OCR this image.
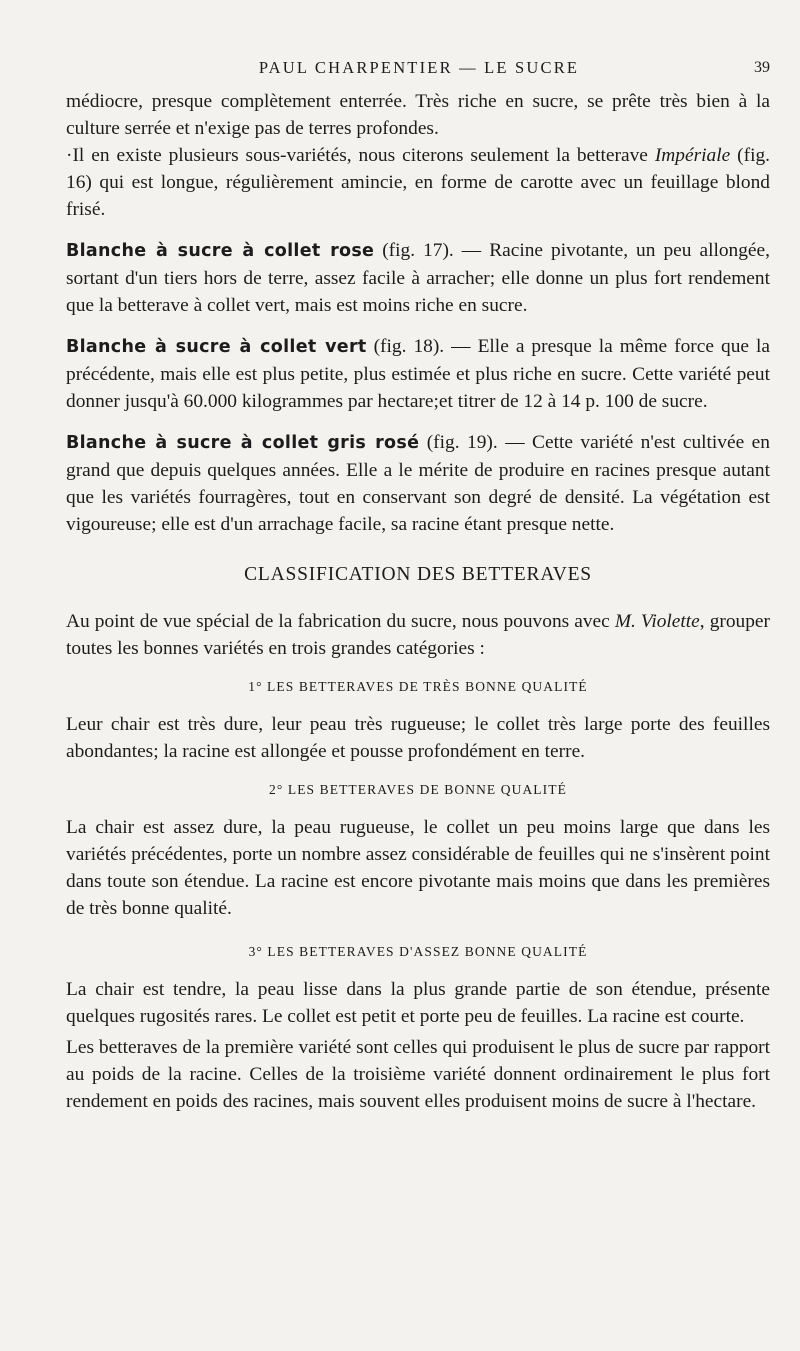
PAUL CHARPENTIER — LE SUCRE	39

médiocre, presque complètement enterrée. Très riche en sucre, se prête très bien à la culture serrée et n'exige pas de terres profondes.

·Il en existe plusieurs sous-variétés, nous citerons seulement la betterave Impériale (fig. 16) qui est longue, régulièrement amincie, en forme de carotte avec un feuillage blond frisé.

Blanche à sucre à collet rose (fig. 17). — Racine pivotante, un peu allongée, sortant d'un tiers hors de terre, assez facile à arracher; elle donne un plus fort rendement que la betterave à collet vert, mais est moins riche en sucre.

Blanche à sucre à collet vert (fig. 18). — Elle a presque la même force que la précédente, mais elle est plus petite, plus estimée et plus riche en sucre. Cette variété peut donner jusqu'à 60.000 kilogrammes par hectare;et titrer de 12 à 14 p. 100 de sucre.

Blanche à sucre à collet gris rosé (fig. 19). — Cette variété n'est cultivée en grand que depuis quelques années. Elle a le mérite de produire en racines presque autant que les variétés fourragères, tout en conservant son degré de densité. La végétation est vigoureuse; elle est d'un arrachage facile, sa racine étant presque nette.

CLASSIFICATION DES BETTERAVES

Au point de vue spécial de la fabrication du sucre, nous pouvons avec M. Violette, grouper toutes les bonnes variétés en trois grandes catégories :

1° LES BETTERAVES DE TRÈS BONNE QUALITÉ

Leur chair est très dure, leur peau très rugueuse; le collet très large porte des feuilles abondantes; la racine est allongée et pousse profondément en terre.

2° LES BETTERAVES DE BONNE QUALITÉ

La chair est assez dure, la peau rugueuse, le collet un peu moins large que dans les variétés précédentes, porte un nombre assez considérable de feuilles qui ne s'insèrent point dans toute son étendue. La racine est encore pivotante mais moins que dans les premières de très bonne qualité.

3° LES BETTERAVES D'ASSEZ BONNE QUALITÉ

La chair est tendre, la peau lisse dans la plus grande partie de son étendue, présente quelques rugosités rares. Le collet est petit et porte peu de feuilles. La racine est courte.

Les betteraves de la première variété sont celles qui produisent le plus de sucre par rapport au poids de la racine. Celles de la troisième variété donnent ordinairement le plus fort rendement en poids des racines, mais souvent elles produisent moins de sucre à l'hectare.
